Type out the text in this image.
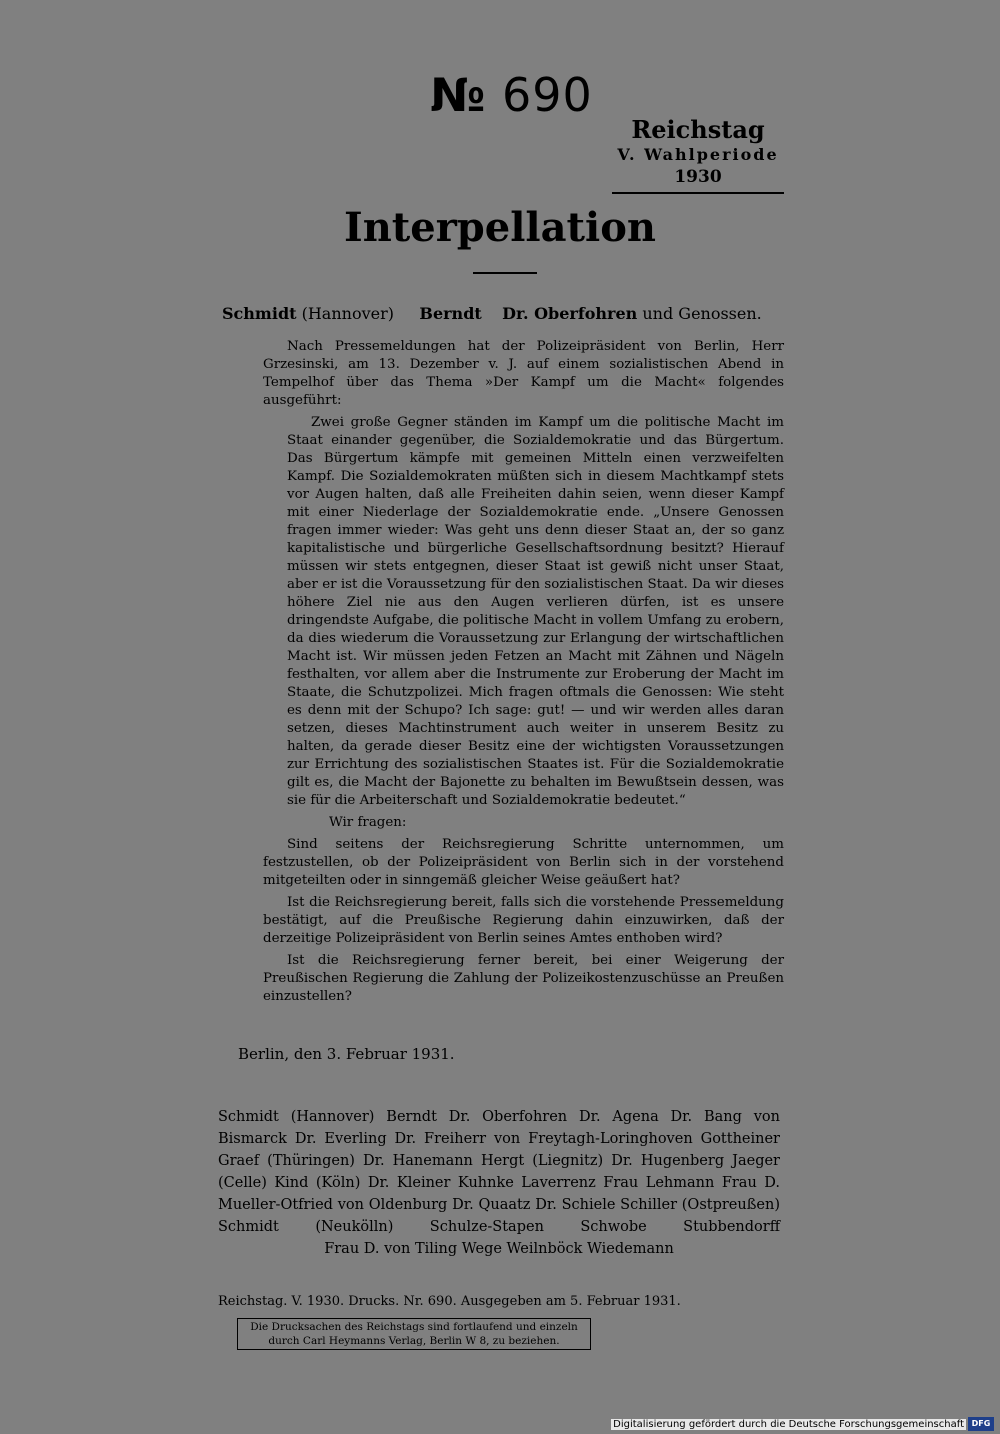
№ 690
Reichstag
V. Wahlperiode
1930
Interpellation
Schmidt (Hannover) Berndt Dr. Oberfohren und Genossen.

Nach Pressemeldungen hat der Polizeipräsident von Berlin, Herr Grzesinski, am 13. Dezember v. J. auf einem sozialistischen Abend in Tempelhof über das Thema »Der Kampf um die Macht« folgendes ausgeführt:

Zwei große Gegner ständen im Kampf um die politische Macht im Staat einander gegenüber, die Sozialdemokratie und das Bürgertum. Das Bürgertum kämpfe mit gemeinen Mitteln einen verzweifelten Kampf. Die Sozialdemokraten müßten sich in diesem Machtkampf stets vor Augen halten, daß alle Freiheiten dahin seien, wenn dieser Kampf mit einer Niederlage der Sozialdemokratie ende. „Unsere Genossen fragen immer wieder: Was geht uns denn dieser Staat an, der so ganz kapitalistische und bürgerliche Gesellschaftsordnung besitzt? Hierauf müssen wir stets entgegnen, dieser Staat ist gewiß nicht unser Staat, aber er ist die Voraussetzung für den sozialistischen Staat. Da wir dieses höhere Ziel nie aus den Augen verlieren dürfen, ist es unsere dringendste Aufgabe, die politische Macht in vollem Umfang zu erobern, da dies wiederum die Voraussetzung zur Erlangung der wirtschaftlichen Macht ist. Wir müssen jeden Fetzen an Macht mit Zähnen und Nägeln festhalten, vor allem aber die Instrumente zur Eroberung der Macht im Staate, die Schutzpolizei. Mich fragen oftmals die Genossen: Wie steht es denn mit der Schupo? Ich sage: gut! — und wir werden alles daran setzen, dieses Machtinstrument auch weiter in unserem Besitz zu halten, da gerade dieser Besitz eine der wichtigsten Voraussetzungen zur Errichtung des sozialistischen Staates ist. Für die Sozialdemokratie gilt es, die Macht der Bajonette zu behalten im Bewußtsein dessen, was sie für die Arbeiterschaft und Sozialdemokratie bedeutet.“

Wir fragen:

Sind seitens der Reichsregierung Schritte unternommen, um festzustellen, ob der Polizeipräsident von Berlin sich in der vorstehend mitgeteilten oder in sinngemäß gleicher Weise geäußert hat?

Ist die Reichsregierung bereit, falls sich die vorstehende Pressemeldung bestätigt, auf die Preußische Regierung dahin einzuwirken, daß der derzeitige Polizeipräsident von Berlin seines Amtes enthoben wird?

Ist die Reichsregierung ferner bereit, bei einer Weigerung der Preußischen Regierung die Zahlung der Polizeikostenzuschüsse an Preußen einzustellen?

Berlin, den 3. Februar 1931.
Schmidt (Hannover) Berndt Dr. Oberfohren Dr. Agena Dr. Bang von Bismarck Dr. Everling Dr. Freiherr von Freytagh-Loringhoven Gottheiner Graef (Thüringen) Dr. Hanemann Hergt (Liegnitz) Dr. Hugenberg Jaeger (Celle) Kind (Köln) Dr. Kleiner Kuhnke Laverrenz Frau Lehmann Frau D. Mueller-Otfried von Oldenburg Dr. Quaatz Dr. Schiele Schiller (Ostpreußen) Schmidt (Neukölln) Schulze-Stapen Schwobe Stubbendorff
Frau D. von Tiling Wege Weilnböck Wiedemann
Reichstag. V. 1930. Drucks. Nr. 690. Ausgegeben am 5. Februar 1931.
Die Drucksachen des Reichstags sind fortlaufend und einzeln
durch Carl Heymanns Verlag, Berlin W 8, zu beziehen.
Digitalisierung gefördert durch die Deutsche Forschungsgemeinschaft DFG
